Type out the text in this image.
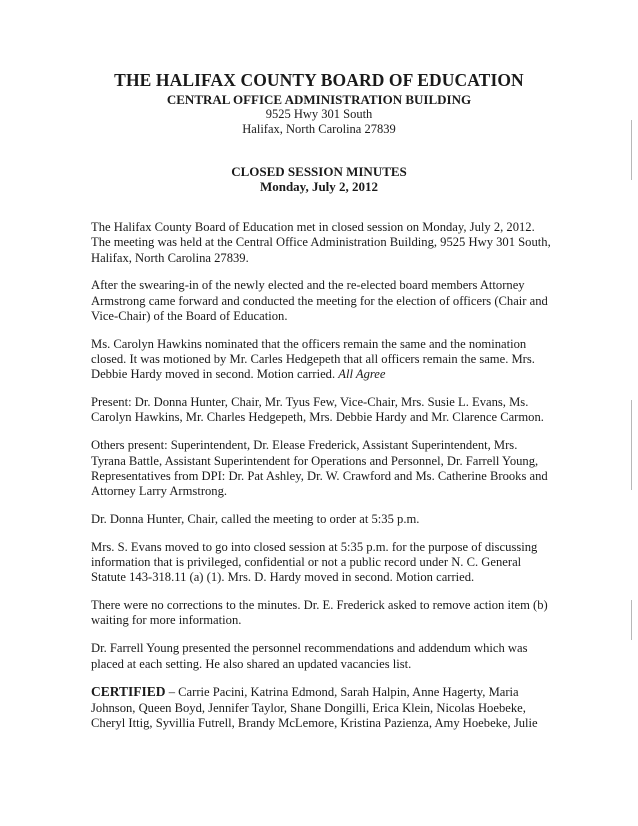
THE HALIFAX COUNTY BOARD OF EDUCATION
CENTRAL OFFICE ADMINISTRATION BUILDING
9525 Hwy 301 South
Halifax, North Carolina 27839
CLOSED SESSION MINUTES
Monday, July 2, 2012

The Halifax County Board of Education met in closed session on Monday, July 2, 2012. The meeting was held at the Central Office Administration Building, 9525 Hwy 301 South, Halifax, North Carolina 27839.

After the swearing-in of the newly elected and the re-elected board members Attorney Armstrong came forward and conducted the meeting for the election of officers (Chair and Vice-Chair) of the Board of Education.

Ms. Carolyn Hawkins nominated that the officers remain the same and the nomination closed. It was motioned by Mr. Carles Hedgepeth that all officers remain the same. Mrs. Debbie Hardy moved in second. Motion carried. All Agree

Present: Dr. Donna Hunter, Chair, Mr. Tyus Few, Vice-Chair, Mrs. Susie L. Evans, Ms. Carolyn Hawkins, Mr. Charles Hedgepeth, Mrs. Debbie Hardy and Mr. Clarence Carmon.

Others present: Superintendent, Dr. Elease Frederick, Assistant Superintendent, Mrs. Tyrana Battle, Assistant Superintendent for Operations and Personnel, Dr. Farrell Young, Representatives from DPI: Dr. Pat Ashley, Dr. W. Crawford and Ms. Catherine Brooks and Attorney Larry Armstrong.

Dr. Donna Hunter, Chair, called the meeting to order at 5:35 p.m.

Mrs. S. Evans moved to go into closed session at 5:35 p.m. for the purpose of discussing information that is privileged, confidential or not a public record under N. C. General Statute 143-318.11 (a) (1). Mrs. D. Hardy moved in second. Motion carried.

There were no corrections to the minutes. Dr. E. Frederick asked to remove action item (b) waiting for more information.

Dr. Farrell Young presented the personnel recommendations and addendum which was placed at each setting. He also shared an updated vacancies list.

CERTIFIED – Carrie Pacini, Katrina Edmond, Sarah Halpin, Anne Hagerty, Maria Johnson, Queen Boyd, Jennifer Taylor, Shane Dongilli, Erica Klein, Nicolas Hoebeke, Cheryl Ittig, Syvillia Futrell, Brandy McLemore, Kristina Pazienza, Amy Hoebeke, Julie
